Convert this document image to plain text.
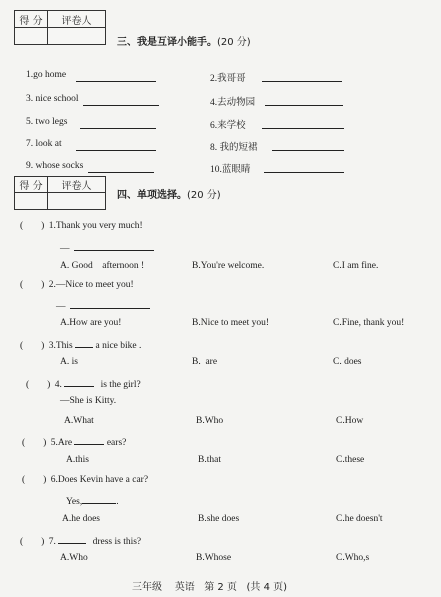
得 分	评卷人

三、我是互译小能手。(20 分)
1.go home
3. nice school
5. two legs
7. look at
9. whose socks
2.我哥哥
4.去动物园
6.来学校
8. 我的短裙
10.蓝眼睛
得 分	评卷人

四、单项选择。(20 分)
( ) 1.Thank you very much!
—
A. Good    afternoon !	B.You're welcome.	C.I am fine.
( ) 2.—Nice to meet you!
—
A.How are you!	B.Nice to meet you!	C.Fine, thank you!
( ) 3.This a nice bike .
A. is	B.  are	C. does
( ) 4.	is the girl?
—She is Kitty.
A.What	B.Who	C.How
( ) 5.Are	ears?
A.this	B.that	C.these
( ) 6.Does Kevin have a car?
Yes,	.
A.he does	B.she does	C.he doesn't
( ) 7.	dress is this?
A.Who	B.Whose	C.Who,s
三年级    英语   第 2 页   (共 4 页)
